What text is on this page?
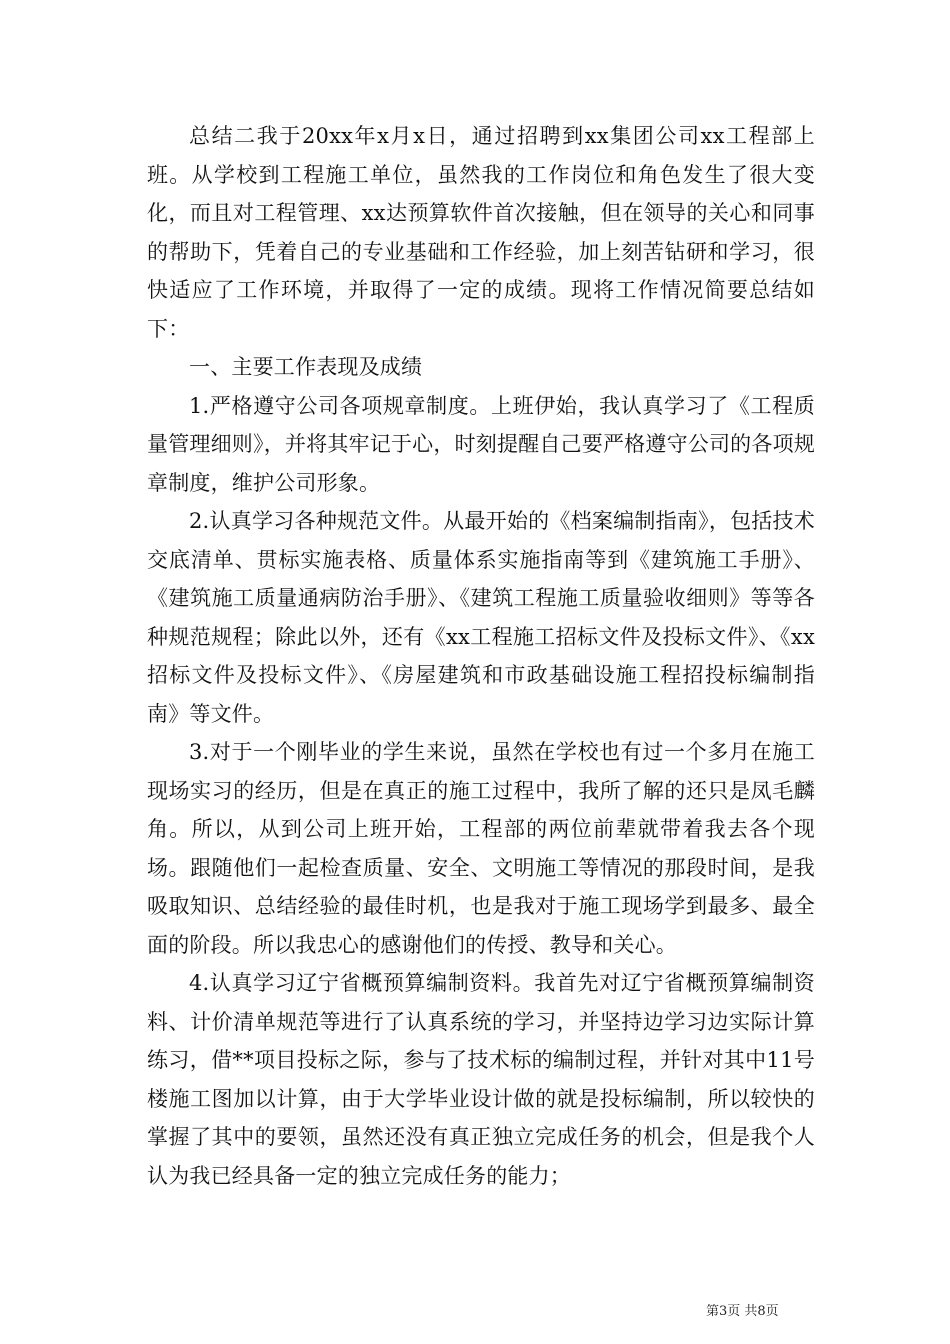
总结二我于20xx年x月x日，通过招聘到xx集团公司xx工程部上班。从学校到工程施工单位，虽然我的工作岗位和角色发生了很大变化，而且对工程管理、xx达预算软件首次接触，但在领导的关心和同事的帮助下，凭着自己的专业基础和工作经验，加上刻苦钻研和学习，很快适应了工作环境，并取得了一定的成绩。现将工作情况简要总结如下：

一、主要工作表现及成绩

1.严格遵守公司各项规章制度。上班伊始，我认真学习了《工程质量管理细则》，并将其牢记于心，时刻提醒自己要严格遵守公司的各项规章制度，维护公司形象。

2.认真学习各种规范文件。从最开始的《档案编制指南》，包括技术交底清单、贯标实施表格、质量体系实施指南等到《建筑施工手册》、《建筑施工质量通病防治手册》、《建筑工程施工质量验收细则》等等各种规范规程；除此以外，还有《xx工程施工招标文件及投标文件》、《xx招标文件及投标文件》、《房屋建筑和市政基础设施工程招投标编制指南》等文件。

3.对于一个刚毕业的学生来说，虽然在学校也有过一个多月在施工现场实习的经历，但是在真正的施工过程中，我所了解的还只是凤毛麟角。所以，从到公司上班开始，工程部的两位前辈就带着我去各个现场。跟随他们一起检查质量、安全、文明施工等情况的那段时间，是我吸取知识、总结经验的最佳时机，也是我对于施工现场学到最多、最全面的阶段。所以我忠心的感谢他们的传授、教导和关心。

4.认真学习辽宁省概预算编制资料。我首先对辽宁省概预算编制资料、计价清单规范等进行了认真系统的学习，并坚持边学习边实际计算练习，借**项目投标之际，参与了技术标的编制过程，并针对其中11号楼施工图加以计算，由于大学毕业设计做的就是投标编制，所以较快的掌握了其中的要领，虽然还没有真正独立完成任务的机会，但是我个人认为我已经具备一定的独立完成任务的能力；

第3页 共8页
